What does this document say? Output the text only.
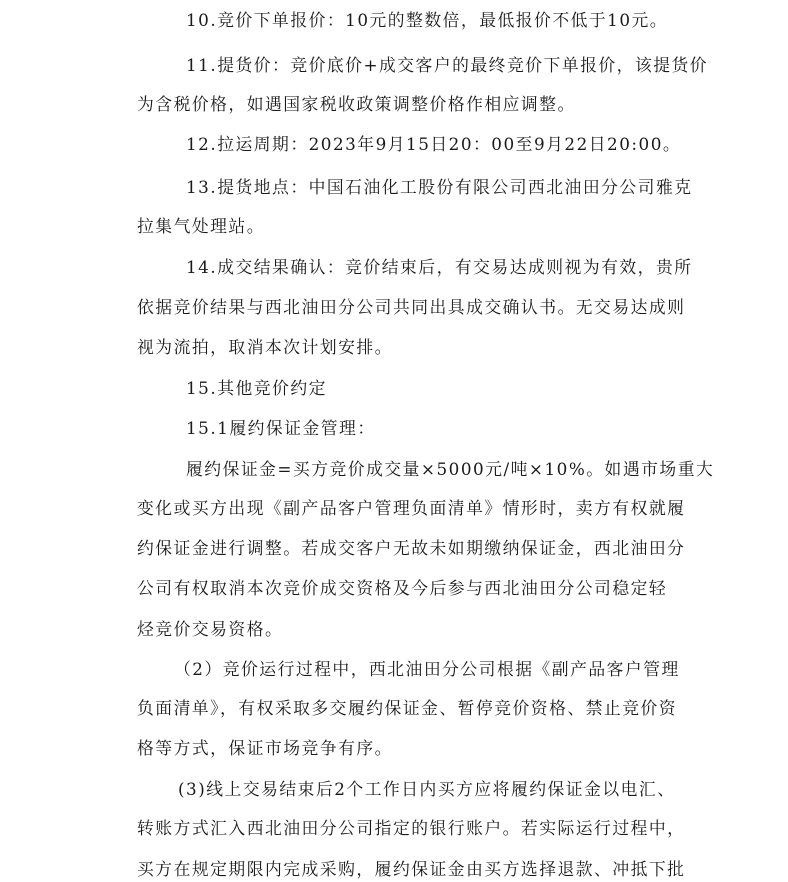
10.竞价下单报价：10元的整数倍，最低报价不低于10元。
11.提货价：竞价底价+成交客户的最终竞价下单报价，该提货价
为含税价格，如遇国家税收政策调整价格作相应调整。
12.拉运周期：2023年9月15日20：00至9月22日20:00。
13.提货地点：中国石油化工股份有限公司西北油田分公司雅克
拉集气处理站。
14.成交结果确认：竞价结束后，有交易达成则视为有效，贵所
依据竞价结果与西北油田分公司共同出具成交确认书。无交易达成则
视为流拍，取消本次计划安排。
15.其他竞价约定
15.1履约保证金管理：
履约保证金=买方竞价成交量×5000元/吨×10%。如遇市场重大
变化或买方出现《副产品客户管理负面清单》情形时，卖方有权就履
约保证金进行调整。若成交客户无故未如期缴纳保证金，西北油田分
公司有权取消本次竞价成交资格及今后参与西北油田分公司稳定轻
烃竞价交易资格。
（2）竞价运行过程中，西北油田分公司根据《副产品客户管理
负面清单》，有权采取多交履约保证金、暂停竞价资格、禁止竞价资
格等方式，保证市场竞争有序。
(3)线上交易结束后2个工作日内买方应将履约保证金以电汇、
转账方式汇入西北油田分公司指定的银行账户。若实际运行过程中，
买方在规定期限内完成采购，履约保证金由买方选择退款、冲抵下批
